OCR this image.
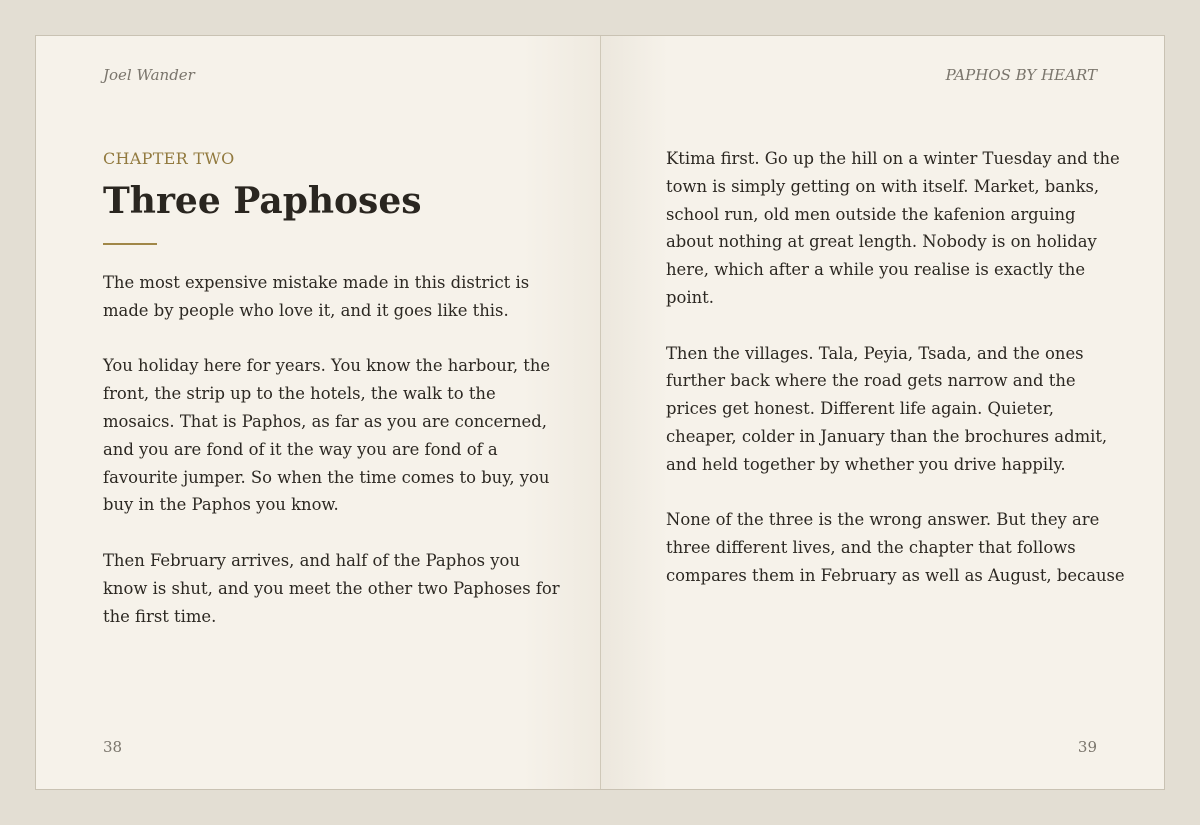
Joel Wander
CHAPTER TWO
Three Paphoses

The most expensive mistake made in this district is made by people who love it, and it goes like this.

You holiday here for years. You know the harbour, the front, the strip up to the hotels, the walk to the mosaics. That is Paphos, as far as you are concerned, and you are fond of it the way you are fond of a favourite jumper. So when the time comes to buy, you buy in the Paphos you know.

Then February arrives, and half of the Paphos you know is shut, and you meet the other two Paphoses for the first time.

38
PAPHOS BY HEART

Ktima first. Go up the hill on a winter Tuesday and the town is simply getting on with itself. Market, banks, school run, old men outside the kafenion arguing about nothing at great length. Nobody is on holiday here, which after a while you realise is exactly the point.

Then the villages. Tala, Peyia, Tsada, and the ones further back where the road gets narrow and the prices get honest. Different life again. Quieter, cheaper, colder in January than the brochures admit, and held together by whether you drive happily.

None of the three is the wrong answer. But they are three different lives, and the chapter that follows compares them in February as well as August, because

39
